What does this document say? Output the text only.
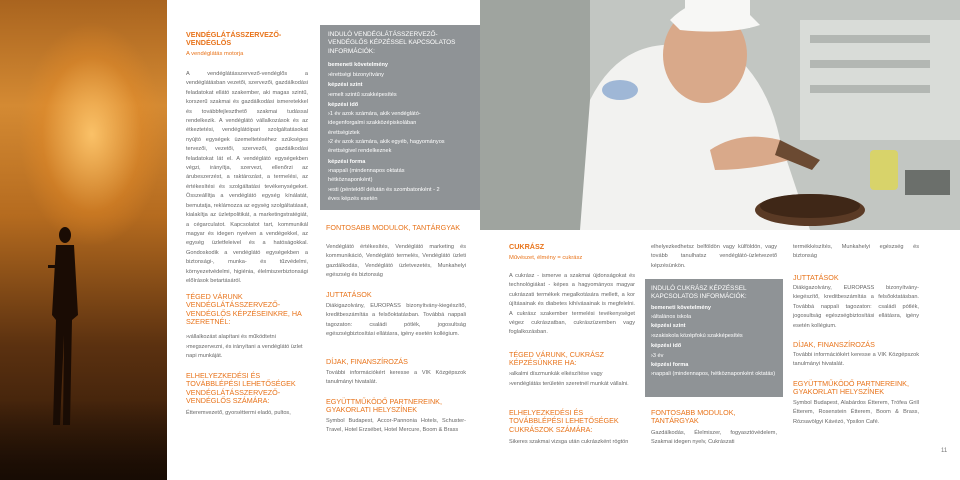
VENDÉGLÁTÁSSZERVEZŐ-VENDÉGLŐS
A vendéglátás motorja
A vendéglátásszervező-vendéglős a vendéglátásban vezetői, szervezői, gazdálkodási feladatokat ellátó szakember, aki magas szintű, korszerű szakmai és gazdálkodási ismeretekkel és továbbfejleszthető szakmai tudással rendelkezik. A vendéglátó vállalkozások és az étkeztetési, vendéglátóipari szolgáltatásokat nyújtó egységek üzemeltetéséhez szükséges tervezői, vezetői, szervezői, gazdálkodási feladatokat lát el. A vendéglátó egységekben végzi, irányítja, szervezi, ellenőrzi az árubeszerzést, a raktározást, a termelési, az értékesítési és szolgáltatási tevékenységeket. Összeállítja a vendéglátó egység kínálatát, bemutatja, reklámozza az egység szolgáltatásait, kialakítja az üzletpolitikát, a marketingstratégiát, a cégarculatot. Kapcsolatot tart, kommunikál magyar és idegen nyelven a vendégekkel, az egység üzletfeleivel és a hatóságokkal. Gondoskodik a vendéglátó egységekben a biztonsági-, munka- és tűzvédelmi, környezetvédelmi, higiénia, élelmiszerbiztonsági előírások betartásáról.
TÉGED VÁRUNK VENDÉGLÁTÁSSZERVEZŐ-VENDÉGLŐS KÉPZÉSEINKRE, HA SZERETNÉL:
› vállalkozást alapítani és működtetni
› megszervezni, és irányítani a vendéglátó üzlet napi munkáját.
ELHELYEZKEDÉSI ÉS TOVÁBBLÉPÉSI LEHETŐSÉGEK VENDÉGLÁTÁSSZERVEZŐ-VENDÉGLŐS SZÁMÁRA:
Étteremvezető, gyorséttermi eladó, pultos,
INDULÓ VENDÉGLÁTÁSSZERVEZŐ-VENDÉGLŐS KÉPZÉSSEL KAPCSOLATOS INFORMÁCIÓK:
bemeneti követelmény
› érettségi bizonyítvány
képzési szint
› emelt szintű szakképesítés
képzési idő
› 1 év azok számára, akik vendéglátó-idegenforgalmi szakközépiskolában érettségiztek
› 2 év azok számára, akik egyéb, hagyományos érettségivel rendelkeznek
képzési forma
› nappali (mindennapos oktatás hétköznaponként)
› esti (péntektől délután és szombatonként - 2 éves képzés esetén
FONTOSABB MODULOK, TANTÁRGYAK
Vendéglátó értékesítés, Vendéglátó marketing és kommunikáció, Vendéglátó termelés, Vendéglátó üzleti gazdálkodás, Vendéglátó üzletvezetés, Munkahelyi egészség és biztonság
JUTTATÁSOK
Diákigazolvány, EUROPASS bizonyítvány-kiegészítő, kreditbeszámítás a felsőoktatásban. Továbbá nappali tagozaton: családi pótlék, jogosultság egészségbiztosítási ellátásra, igény esetén kollégium.
DÍJAK, FINANSZÍROZÁS
További információkért keresse a VIK Közgépszok tanulmányi hivatalát.
EGYÜTTMŰKÖDŐ PARTNEREINK, GYAKORLATI HELYSZÍNEK
Symbol Budapest, Accor-Pannonia Hotels, Schuster-Travel, Hotel Erzsébet, Hotel Mercure, Boom & Brass
CUKRÁSZ
Művészet, élmény = cukrász
A cukrász - ismerve a szakmai újdonságokat és technológiákat - képes a hagyományos magyar cukrászati termékek megalkotására mellett, a kor újításainak és diabetes kihívásainak is megfelelni. A cukrász szakember termelési tevékenységet végez cukrászatban, cukrászüzemben vagy foglalkozásban.
TÉGED VÁRUNK, CUKRÁSZ KÉPZÉSÜNKRE HA:
› alkalmi díszmunkák elkészítése vagy
› vendéglátás területén szeretnél munkát vállalni.
ELHELYEZKEDÉSI ÉS TOVÁBBLÉPÉSI LEHETŐSÉGEK CUKRÁSZOK SZÁMÁRA:
Sikeres szakmai vizsga után cukrászként rögtön
elhelyezkedhetsz belföldön vagy külföldön, vagy tovább tanulhatsz vendéglátó-üzletvezető képzésünkön.
INDULÓ CUKRÁSZ KÉPZÉSSEL KAPCSOLATOS INFORMÁCIÓK:
bemeneti követelmény
› általános iskola
képzési szint
› szakiskola középfokú szakképesítés
képzési idő
› 3 év
képzési forma
› nappali (mindennapos, hétköznaponként oktatás)
FONTOSABB MODULOK, TANTÁRGYAK
Gazdálkodás, Élelmiszer, fogyasztóvédelem, Szakmai idegen nyelv, Cukrászati
termékkészítés, Munkahelyi egészség és biztonság
JUTTATÁSOK
Diákigazolvány, EUROPASS bizonyítvány-kiegészítő, kreditbeszámítás a felsőoktatásban. Továbbá nappali tagozaton: családi pótlék, jogosultság egészségbiztosítási ellátásra, igény esetén kollégium.
DÍJAK, FINANSZÍROZÁS
További információkért keresse a VIK Közgépszok tanulmányi hivatalát.
EGYÜTTMŰKÖDŐ PARTNEREINK, GYAKORLATI HELYSZÍNEK
Symbol Budapest, Alabárdos Étterem, Trófea Grill Étterem, Rosenstein Étterem, Boom & Brass, Rózsavölgyi Kávézó, Ypsilon Café.
11
